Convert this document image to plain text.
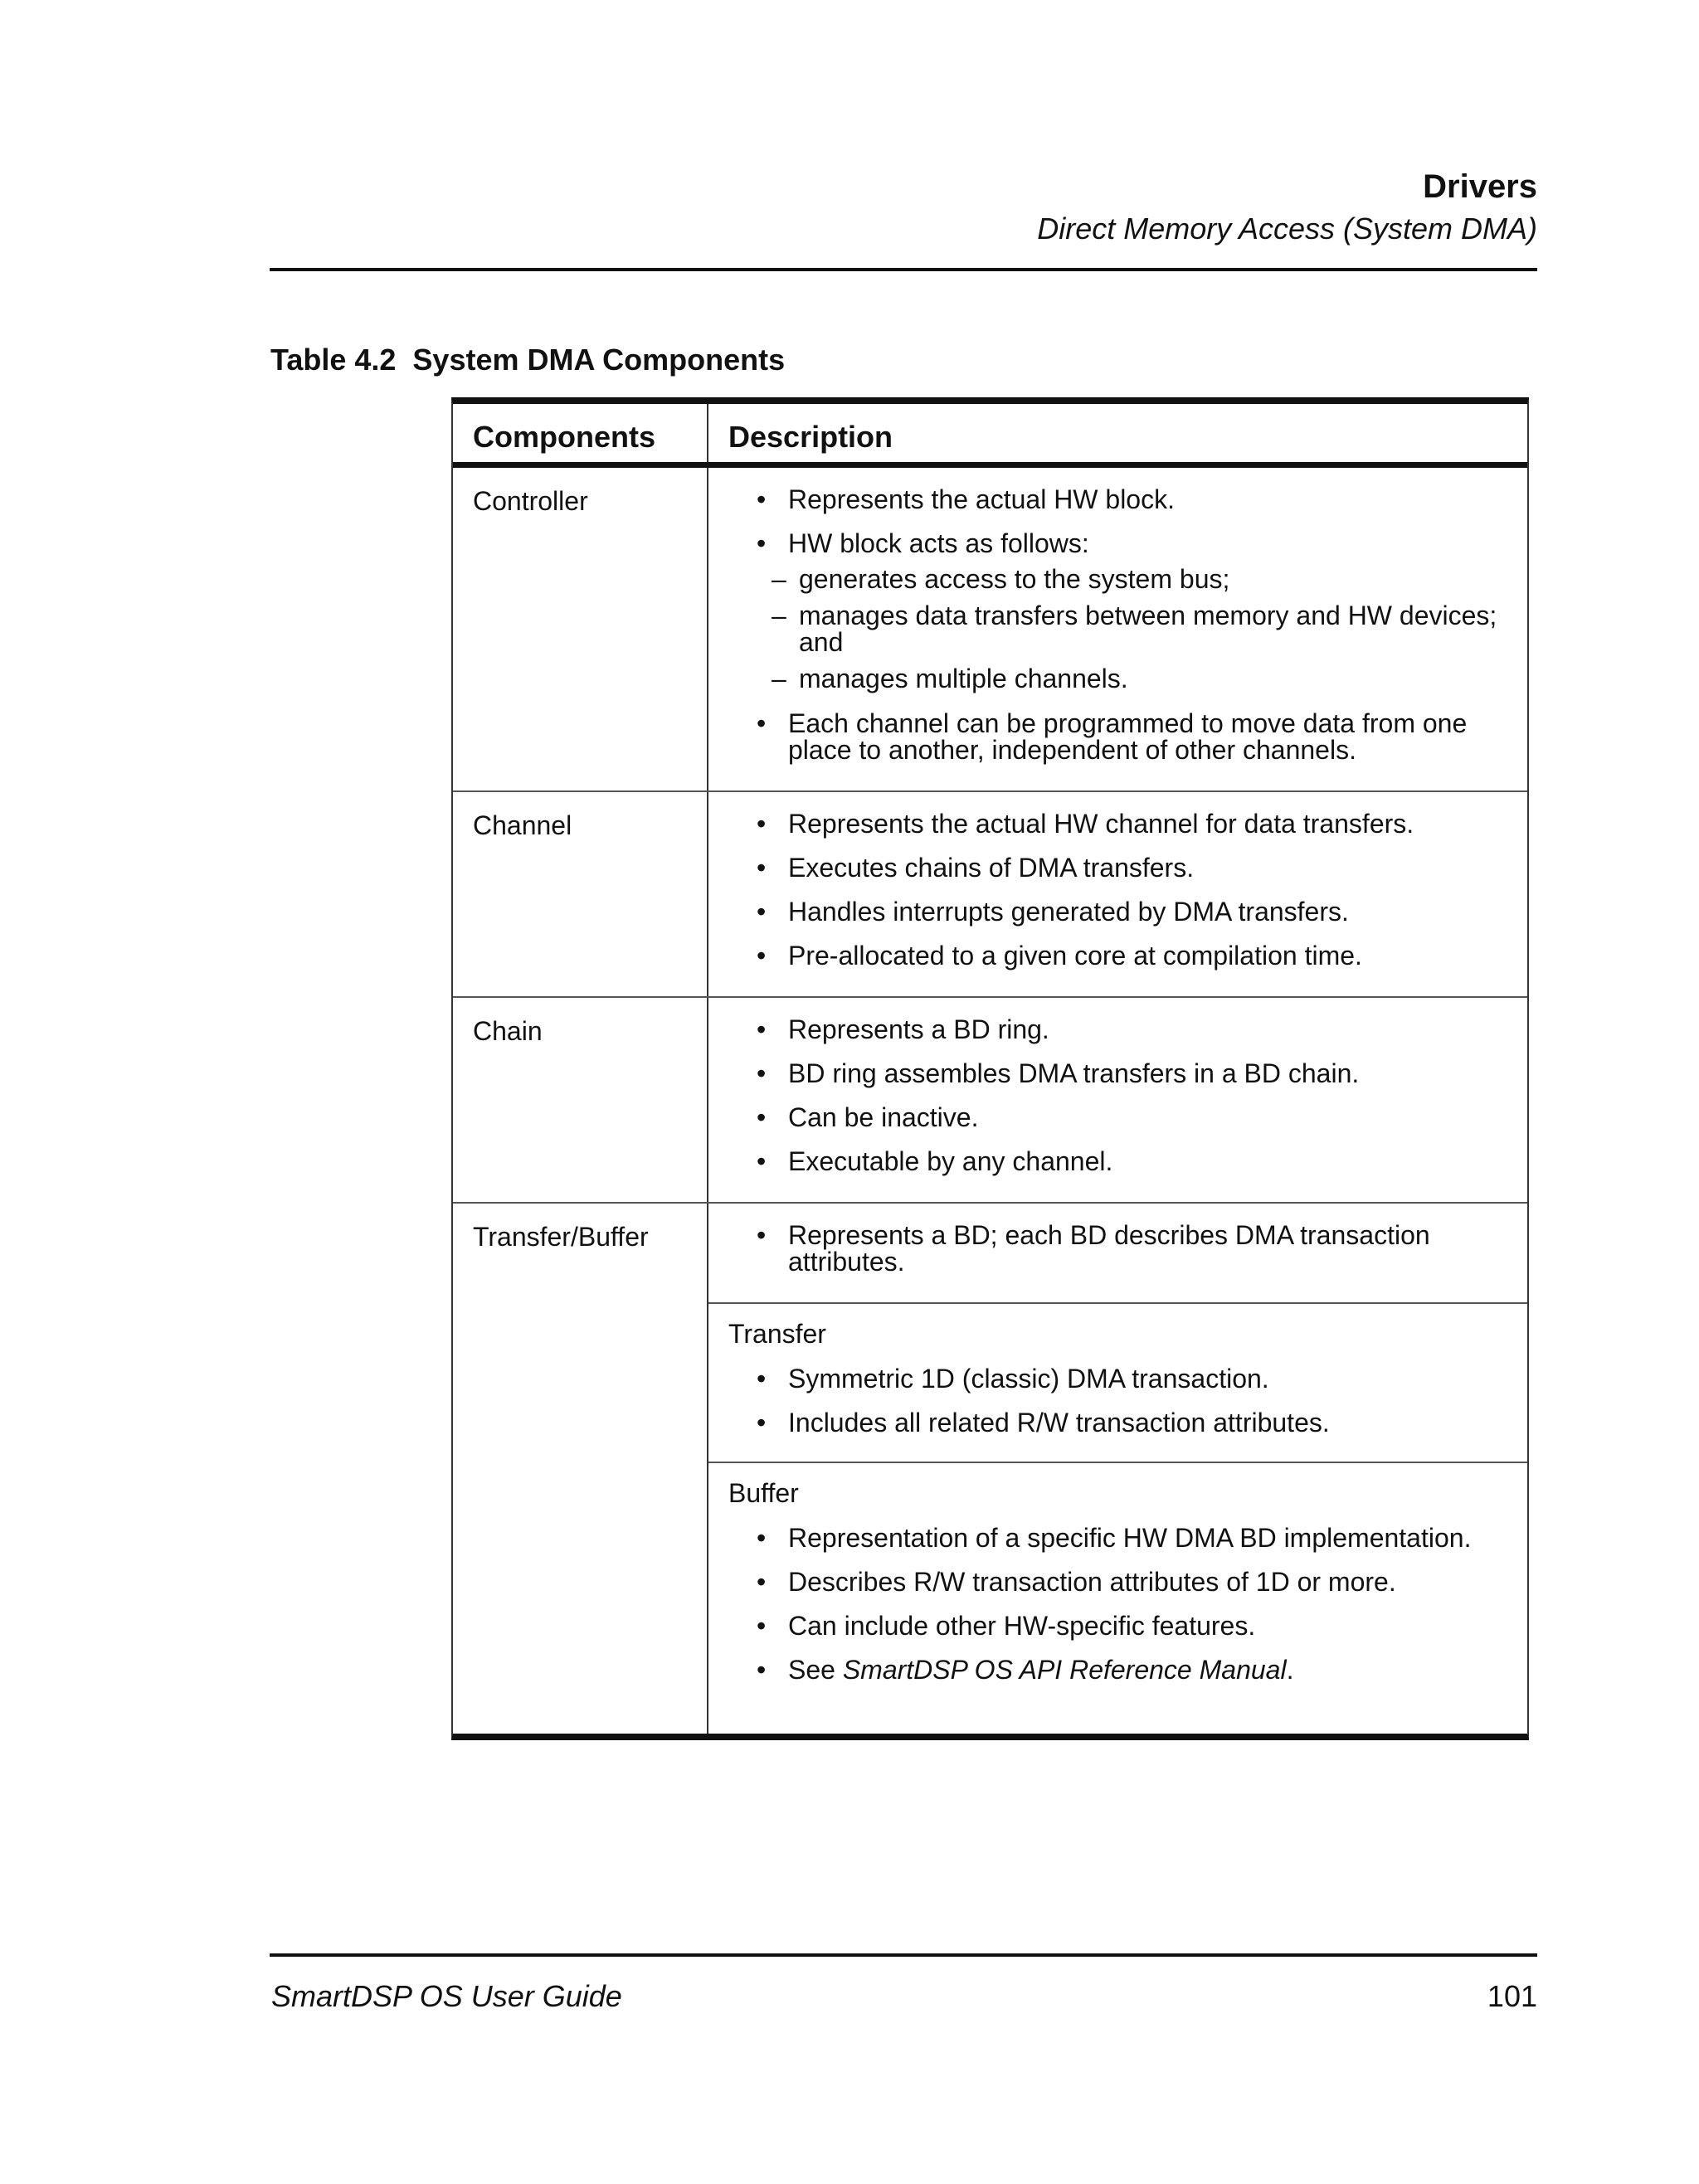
Drivers
Direct Memory Access (System DMA)
Table 4.2 System DMA Components
Components	Description
Controller	• Represents the actual HW block.
• HW block acts as follows:
– generates access to the system bus;
– manages data transfers between memory and HW devices; and
– manages multiple channels.
• Each channel can be programmed to move data from one place to another, independent of other channels.
Channel	• Represents the actual HW channel for data transfers.
• Executes chains of DMA transfers.
• Handles interrupts generated by DMA transfers.
• Pre-allocated to a given core at compilation time.
Chain	• Represents a BD ring.
• BD ring assembles DMA transfers in a BD chain.
• Can be inactive.
• Executable by any channel.
Transfer/Buffer	• Represents a BD; each BD describes DMA transaction attributes.
Transfer
• Symmetric 1D (classic) DMA transaction.
• Includes all related R/W transaction attributes.
Buffer
• Representation of a specific HW DMA BD implementation.
• Describes R/W transaction attributes of 1D or more.
• Can include other HW-specific features.
• See SmartDSP OS API Reference Manual.
SmartDSP OS User Guide	101
